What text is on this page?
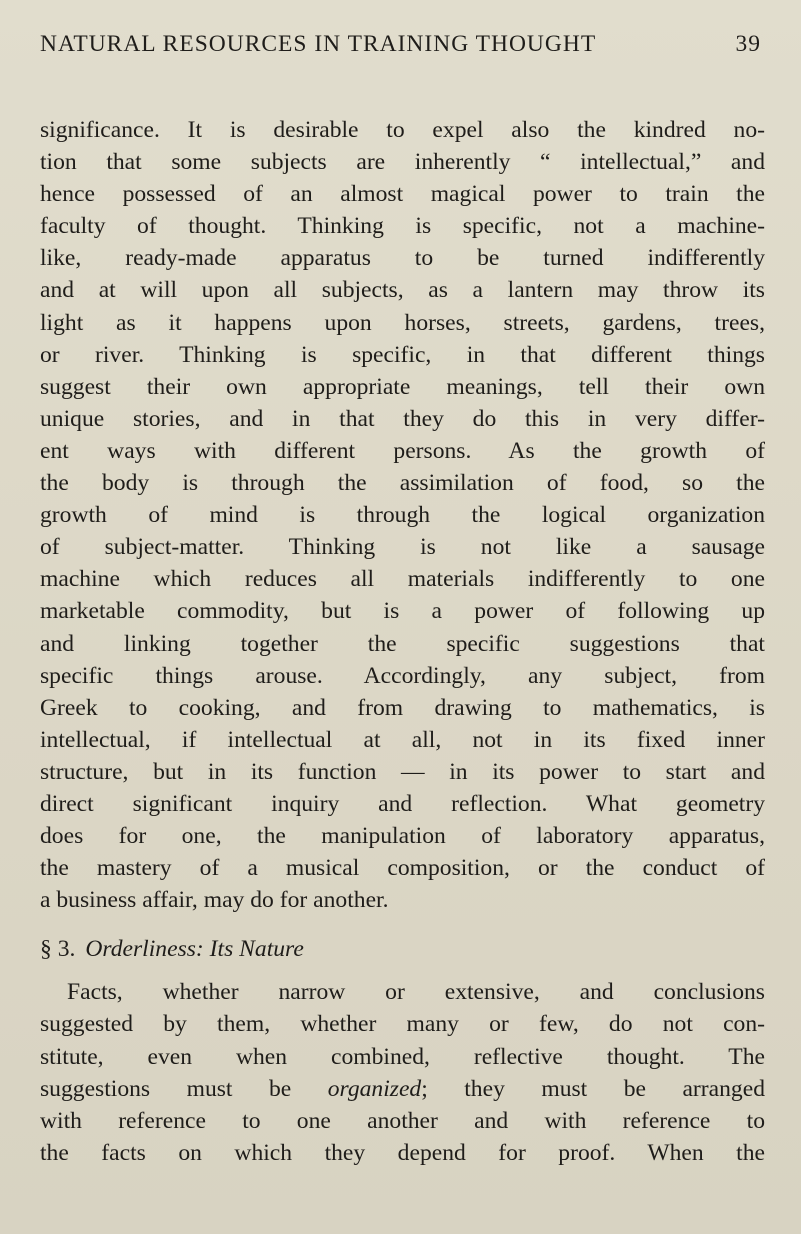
NATURAL RESOURCES IN TRAINING THOUGHT	39

significance. It is desirable to expel also the kindred no-
tion that some subjects are inherently “ intellectual,” and
hence possessed of an almost magical power to train the
faculty of thought. Thinking is specific, not a machine-
like, ready-made apparatus to be turned indifferently
and at will upon all subjects, as a lantern may throw its
light as it happens upon horses, streets, gardens, trees,
or river. Thinking is specific, in that different things
suggest their own appropriate meanings, tell their own
unique stories, and in that they do this in very differ-
ent ways with different persons. As the growth of
the body is through the assimilation of food, so the
growth of mind is through the logical organization
of subject-matter. Thinking is not like a sausage
machine which reduces all materials indifferently to one
marketable commodity, but is a power of following up
and linking together the specific suggestions that
specific things arouse. Accordingly, any subject, from
Greek to cooking, and from drawing to mathematics, is
intellectual, if intellectual at all, not in its fixed inner
structure, but in its function — in its power to start and
direct significant inquiry and reflection. What geometry
does for one, the manipulation of laboratory apparatus,
the mastery of a musical composition, or the conduct of
a business affair, may do for another.

§ 3. Orderliness: Its Nature

Facts, whether narrow or extensive, and conclusions
suggested by them, whether many or few, do not con-
stitute, even when combined, reflective thought. The
suggestions must be organized; they must be arranged
with reference to one another and with reference to
the facts on which they depend for proof. When the
